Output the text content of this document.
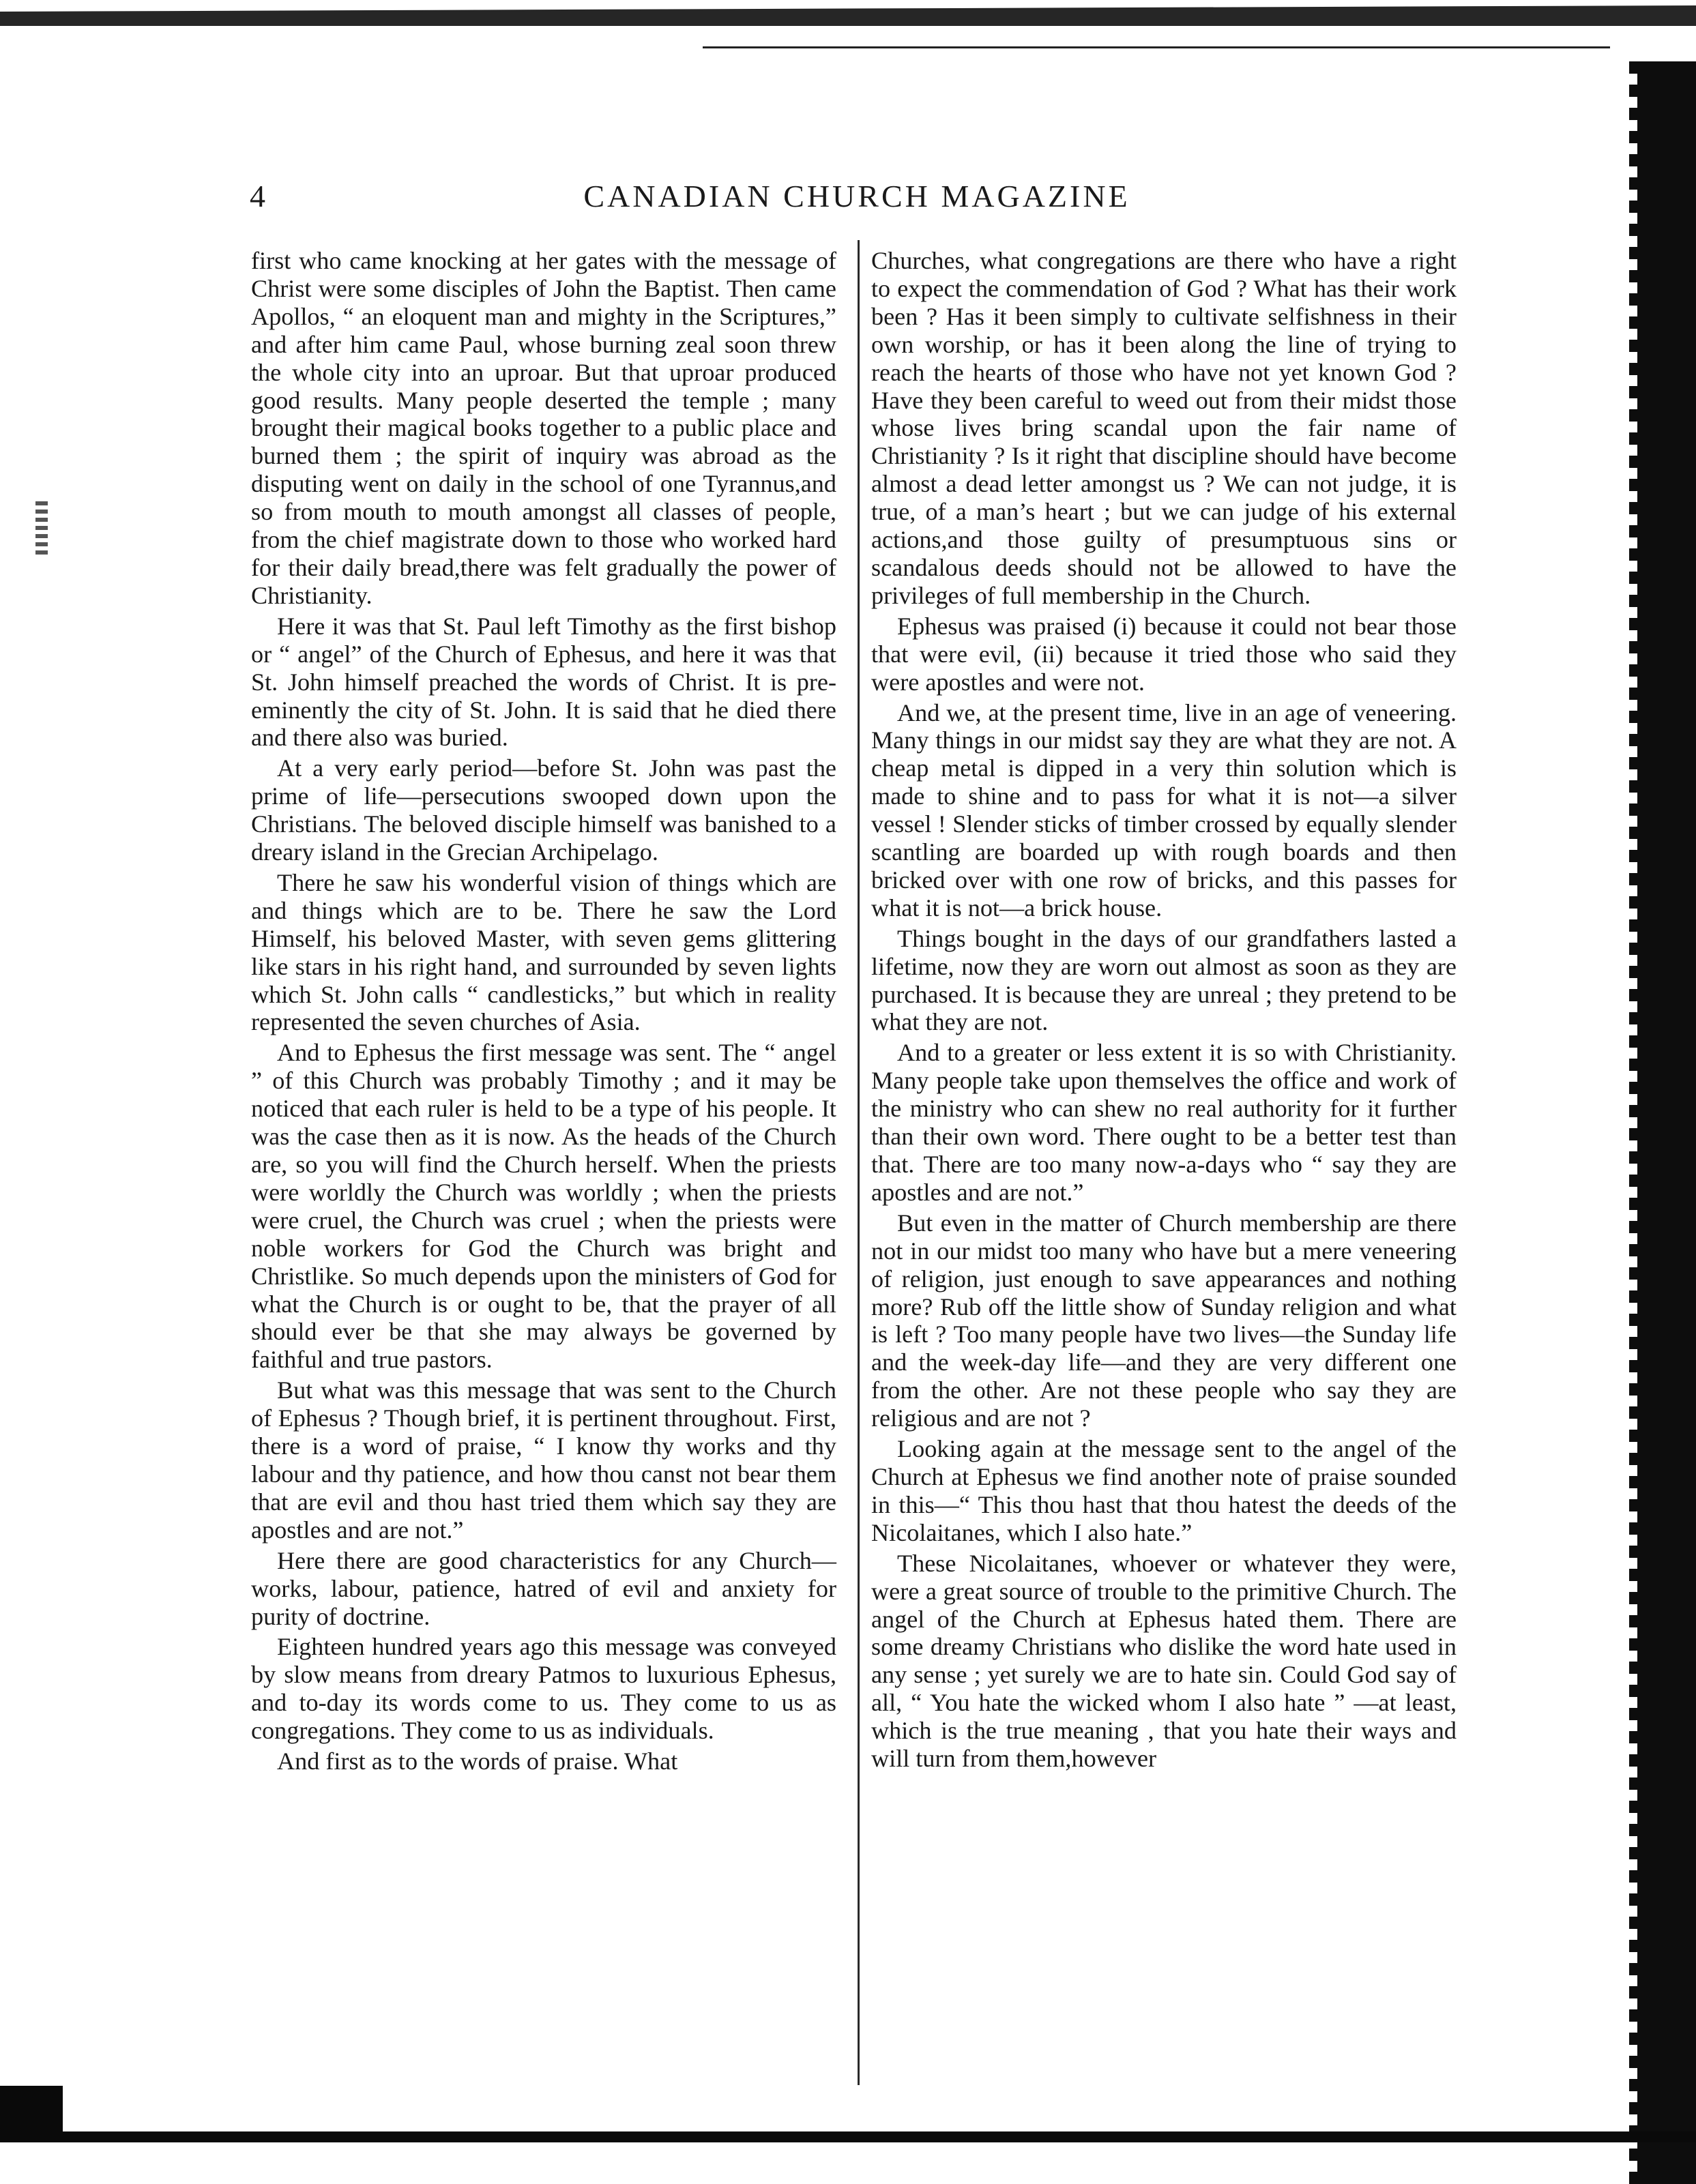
4	CANADIAN CHURCH MAGAZINE

first who came knocking at her gates with the message of Christ were some disciples of John the Baptist. Then came Apollos, “ an eloquent man and mighty in the Scriptures,” and after him came Paul, whose burning zeal soon threw the whole city into an uproar. But that uproar produced good results. Many people deserted the temple ; many brought their magical books together to a public place and burned them ; the spirit of inquiry was abroad as the disputing went on daily in the school of one Tyrannus,and so from mouth to mouth amongst all classes of people, from the chief magistrate down to those who worked hard for their daily bread,there was felt gradually the power of Christianity.

Here it was that St. Paul left Timothy as the first bishop or “ angel” of the Church of Ephesus, and here it was that St. John himself preached the words of Christ. It is pre-eminently the city of St. John. It is said that he died there and there also was buried.

At a very early period—before St. John was past the prime of life—persecutions swooped down upon the Christians. The beloved disciple himself was banished to a dreary island in the Grecian Archipelago.

There he saw his wonderful vision of things which are and things which are to be. There he saw the Lord Himself, his beloved Master, with seven gems glittering like stars in his right hand, and surrounded by seven lights which St. John calls “ candlesticks,” but which in reality represented the seven churches of Asia.

And to Ephesus the first message was sent. The “ angel ” of this Church was probably Timothy ; and it may be noticed that each ruler is held to be a type of his people. It was the case then as it is now. As the heads of the Church are, so you will find the Church herself. When the priests were worldly the Church was worldly ; when the priests were cruel, the Church was cruel ; when the priests were noble workers for God the Church was bright and Christlike. So much depends upon the ministers of God for what the Church is or ought to be, that the prayer of all should ever be that she may always be governed by faithful and true pastors.

But what was this message that was sent to the Church of Ephesus ? Though brief, it is pertinent throughout. First, there is a word of praise, “ I know thy works and thy labour and thy patience, and how thou canst not bear them that are evil and thou hast tried them which say they are apostles and are not.”

Here there are good characteristics for any Church—works, labour, patience, hatred of evil and anxiety for purity of doctrine.

Eighteen hundred years ago this message was conveyed by slow means from dreary Patmos to luxurious Ephesus, and to-day its words come to us. They come to us as congregations. They come to us as individuals.

And first as to the words of praise. What

Churches, what congregations are there who have a right to expect the commendation of God ? What has their work been ? Has it been simply to cultivate selfishness in their own worship, or has it been along the line of trying to reach the hearts of those who have not yet known God ? Have they been careful to weed out from their midst those whose lives bring scandal upon the fair name of Christianity ? Is it right that discipline should have become almost a dead letter amongst us ? We can not judge, it is true, of a man’s heart ; but we can judge of his external actions,and those guilty of presumptuous sins or scandalous deeds should not be allowed to have the privileges of full membership in the Church.

Ephesus was praised (i) because it could not bear those that were evil, (ii) because it tried those who said they were apostles and were not.

And we, at the present time, live in an age of veneering. Many things in our midst say they are what they are not. A cheap metal is dipped in a very thin solution which is made to shine and to pass for what it is not—a silver vessel ! Slender sticks of timber crossed by equally slender scantling are boarded up with rough boards and then bricked over with one row of bricks, and this passes for what it is not—a brick house.

Things bought in the days of our grandfathers lasted a lifetime, now they are worn out almost as soon as they are purchased. It is because they are unreal ; they pretend to be what they are not.

And to a greater or less extent it is so with Christianity. Many people take upon themselves the office and work of the ministry who can shew no real authority for it further than their own word. There ought to be a better test than that. There are too many now-a-days who “ say they are apostles and are not.”

But even in the matter of Church membership are there not in our midst too many who have but a mere veneering of religion, just enough to save appearances and nothing more? Rub off the little show of Sunday religion and what is left ? Too many people have two lives—the Sunday life and the week-day life—and they are very different one from the other. Are not these people who say they are religious and are not ?

Looking again at the message sent to the angel of the Church at Ephesus we find another note of praise sounded in this—“ This thou hast that thou hatest the deeds of the Nicolaitanes, which I also hate.”

These Nicolaitanes, whoever or whatever they were, were a great source of trouble to the primitive Church. The angel of the Church at Ephesus hated them. There are some dreamy Christians who dislike the word hate used in any sense ; yet surely we are to hate sin. Could God say of all, “ You hate the wicked whom I also hate ” —at least, which is the true meaning , that you hate their ways and will turn from them,however
